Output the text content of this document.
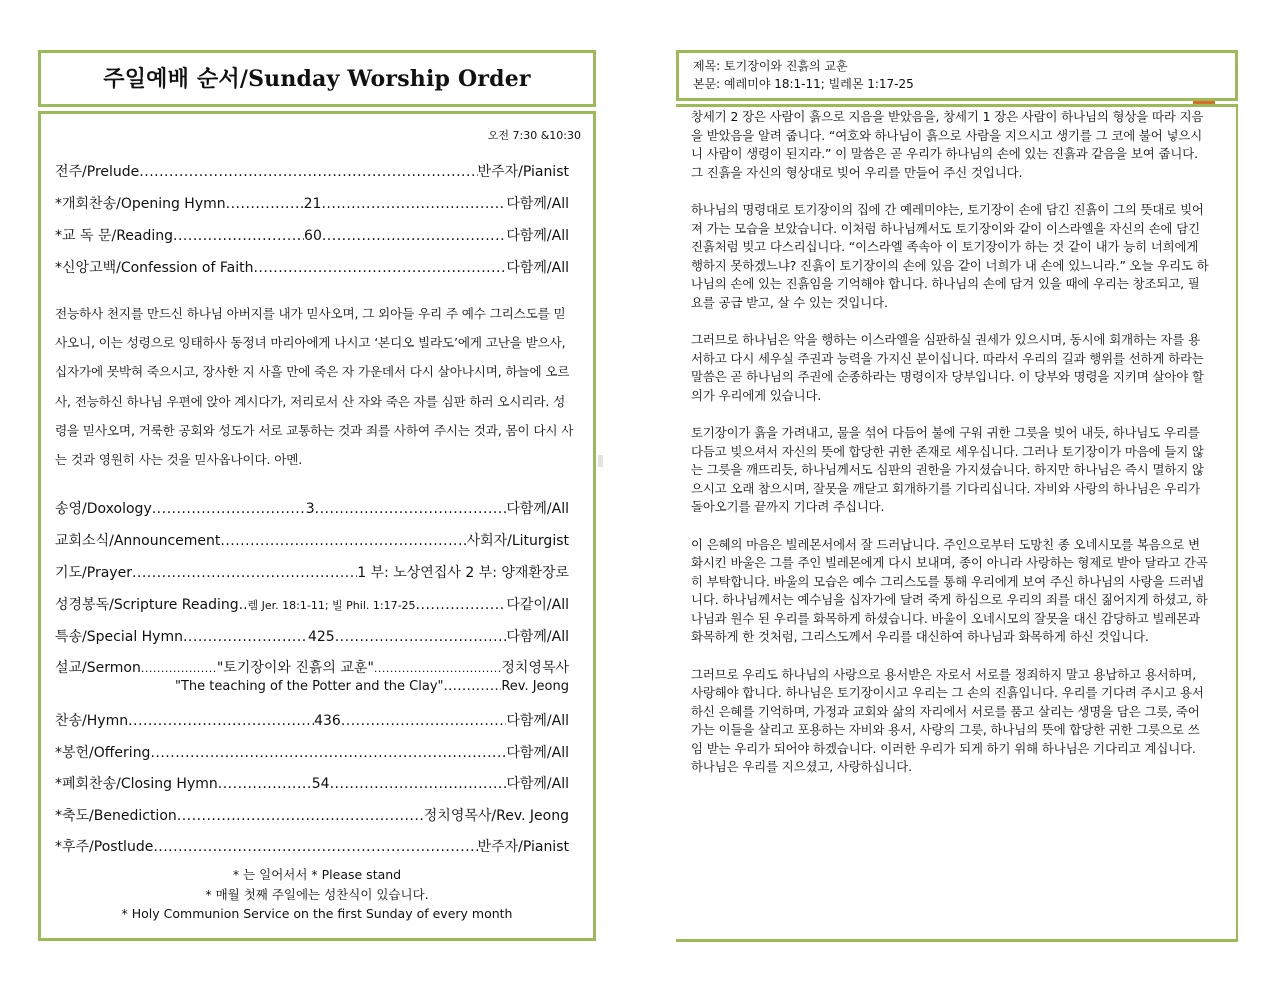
주일예배 순서/Sunday Worship Order
오전 7:30 &10:30
전주/Prelude .....	반주자/Pianist
*개회찬송/Opening Hymn .....	21 .....	다함께/All
*교 독 문/Reading .....	60 .....	다함께/All
*신앙고백/Confession of Faith .....	다함께/All
전능하사 천지를 만드신 하나님 아버지를 내가 믿사오며, 그 외아들 우리 주 예수 그리스도를 믿사오니, 이는 성령으로 잉태하사 동정녀 마리아에게 나시고 ‘본디오 빌라도’에게 고난을 받으사, 십자가에 못박혀 죽으시고, 장사한 지 사흘 만에 죽은 자 가운데서 다시 살아나시며, 하늘에 오르사, 전능하신 하나님 우편에 앉아 계시다가, 저리로서 산 자와 죽은 자를 심판 하러 오시리라. 성령을 믿사오며, 거룩한 공회와 성도가 서로 교통하는 것과 죄를 사하여 주시는 것과, 몸이 다시 사는 것과 영원히 사는 것을 믿사옵나이다. 아멘.
송영/Doxology .....	3 .....	다함께/All
교회소식/Announcement .....	사회자/Liturgist
기도/Prayer .....	1 부: 노상연집사 2 부: 양재환장로
성경봉독/Scripture Reading.. 렘 Jer. 18:1-11; 빌 Phil. 1:17-25 .....	다같이/All
특송/Special Hymn .....	425 .....	다함께/All
설교/Sermon .....	"토기장이와 진흙의 교훈" .....	정치영목사
"The teaching of the Potter and the Clay" .....	Rev. Jeong
찬송/Hymn .....	436 .....	다함께/All
*봉헌/Offering .....	다함께/All
*폐회찬송/Closing Hymn .....	54 .....	다함께/All
*축도/Benediction .....	정치영목사/Rev. Jeong
*후주/Postlude .....	반주자/Pianist
* 는 일어서서 * Please stand
* 매월 첫째 주일에는 성찬식이 있습니다.
* Holy Communion Service on the first Sunday of every month
제목: 토기장이와 진흙의 교훈
본문: 예레미야 18:1-11; 빌레몬 1:17-25

창세기 2 장은 사람이 흙으로 지음을 받았음을, 창세기 1 장은 사람이 하나님의 형상을 따라 지음을 받았음을 알려 줍니다. “여호와 하나님이 흙으로 사람을 지으시고 생기를 그 코에 불어 넣으시니 사람이 생령이 된지라.” 이 말씀은 곧 우리가 하나님의 손에 있는 진흙과 같음을 보여 줍니다. 그 진흙을 자신의 형상대로 빚어 우리를 만들어 주신 것입니다.

하나님의 명령대로 토기장이의 집에 간 예레미야는, 토기장이 손에 담긴 진흙이 그의 뜻대로 빚어져 가는 모습을 보았습니다. 이처럼 하나님께서도 토기장이와 같이 이스라엘을 자신의 손에 담긴 진흙처럼 빚고 다스리십니다. “이스라엘 족속아 이 토기장이가 하는 것 같이 내가 능히 너희에게 행하지 못하겠느냐? 진흙이 토기장이의 손에 있음 같이 너희가 내 손에 있느니라.” 오늘 우리도 하나님의 손에 있는 진흙임을 기억해야 합니다. 하나님의 손에 담겨 있을 때에 우리는 창조되고, 필요를 공급 받고, 살 수 있는 것입니다.

그러므로 하나님은 악을 행하는 이스라엘을 심판하실 권세가 있으시며, 동시에 회개하는 자를 용서하고 다시 세우실 주권과 능력을 가지신 분이십니다. 따라서 우리의 길과 행위를 선하게 하라는 말씀은 곧 하나님의 주권에 순종하라는 명령이자 당부입니다. 이 당부와 명령을 지키며 살아야 할 의가 우리에게 있습니다.

토기장이가 흙을 가려내고, 물을 섞어 다듬어 불에 구워 귀한 그릇을 빚어 내듯, 하나님도 우리를 다듬고 빚으셔서 자신의 뜻에 합당한 귀한 존재로 세우십니다. 그러나 토기장이가 마음에 들지 않는 그릇을 깨뜨리듯, 하나님께서도 심판의 권한을 가지셨습니다. 하지만 하나님은 즉시 멸하지 않으시고 오래 참으시며, 잘못을 깨닫고 회개하기를 기다리십니다. 자비와 사랑의 하나님은 우리가 돌아오기를 끝까지 기다려 주십니다.

이 은혜의 마음은 빌레몬서에서 잘 드러납니다. 주인으로부터 도망친 종 오네시모를 복음으로 변화시킨 바울은 그를 주인 빌레몬에게 다시 보내며, 종이 아니라 사랑하는 형제로 받아 달라고 간곡히 부탁합니다. 바울의 모습은 예수 그리스도를 통해 우리에게 보여 주신 하나님의 사랑을 드러냅니다. 하나님께서는 예수님을 십자가에 달려 죽게 하심으로 우리의 죄를 대신 짊어지게 하셨고, 하나님과 원수 된 우리를 화목하게 하셨습니다. 바울이 오네시모의 잘못을 대신 감당하고 빌레몬과 화목하게 한 것처럼, 그리스도께서 우리를 대신하여 하나님과 화목하게 하신 것입니다.

그러므로 우리도 하나님의 사랑으로 용서받은 자로서 서로를 정죄하지 말고 용납하고 용서하며, 사랑해야 합니다. 하나님은 토기장이시고 우리는 그 손의 진흙입니다. 우리를 기다려 주시고 용서하신 은혜를 기억하며, 가정과 교회와 삶의 자리에서 서로를 품고 살리는 생명을 담은 그릇, 죽어가는 이들을 살리고 포용하는 자비와 용서, 사랑의 그릇, 하나님의 뜻에 합당한 귀한 그릇으로 쓰임 받는 우리가 되어야 하겠습니다. 이러한 우리가 되게 하기 위해 하나님은 기다리고 계십니다. 하나님은 우리를 지으셨고, 사랑하십니다.
